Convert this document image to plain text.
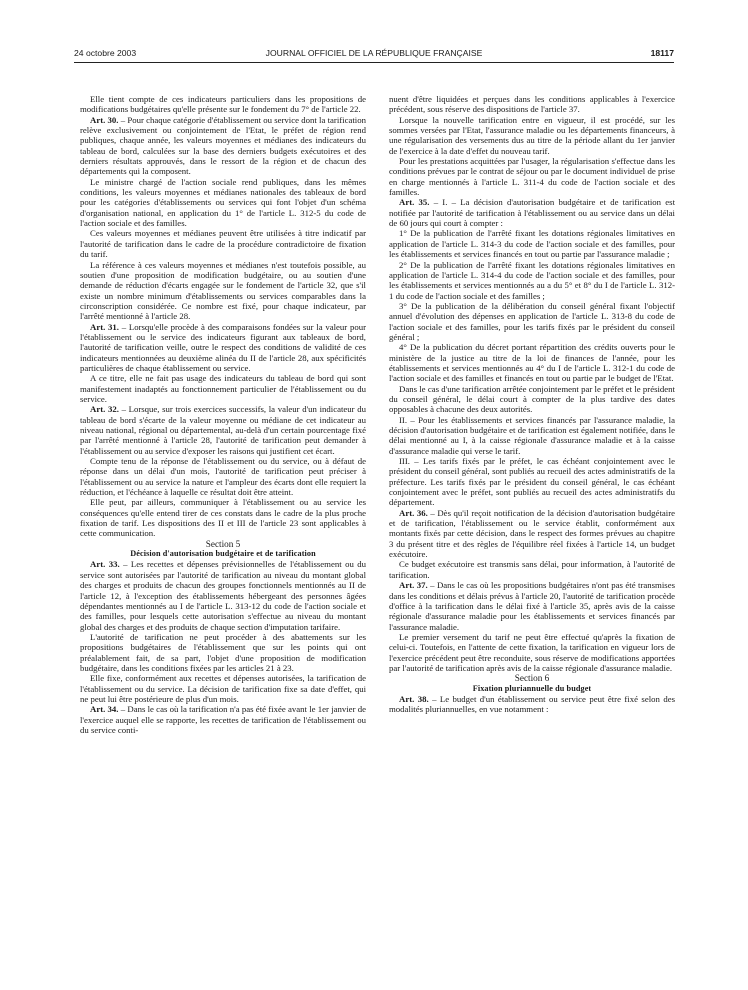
24 octobre 2003	JOURNAL OFFICIEL DE LA RÉPUBLIQUE FRANÇAISE	18117

Elle tient compte de ces indicateurs particuliers dans les propositions de modifications budgétaires qu'elle présente sur le fondement du 7° de l'article 22.

Art. 30. – Pour chaque catégorie d'établissement ou service dont la tarification relève exclusivement ou conjointement de l'Etat, le préfet de région rend publiques, chaque année, les valeurs moyennes et médianes des indicateurs du tableau de bord, calculées sur la base des derniers budgets exécutoires et des derniers résultats approuvés, dans le ressort de la région et de chacun des départements qui la composent.

Le ministre chargé de l'action sociale rend publiques, dans les mêmes conditions, les valeurs moyennes et médianes nationales des tableaux de bord pour les catégories d'établissements ou services qui font l'objet d'un schéma d'organisation national, en application du 1° de l'article L. 312-5 du code de l'action sociale et des familles.

Ces valeurs moyennes et médianes peuvent être utilisées à titre indicatif par l'autorité de tarification dans le cadre de la procédure contradictoire de fixation du tarif.

La référence à ces valeurs moyennes et médianes n'est toutefois possible, au soutien d'une proposition de modification budgétaire, ou au soutien d'une demande de réduction d'écarts engagée sur le fondement de l'article 32, que s'il existe un nombre minimum d'établissements ou services comparables dans la circonscription considérée. Ce nombre est fixé, pour chaque indicateur, par l'arrêté mentionné à l'article 28.

Art. 31. – Lorsqu'elle procède à des comparaisons fondées sur la valeur pour l'établissement ou le service des indicateurs figurant aux tableaux de bord, l'autorité de tarification veille, outre le respect des conditions de validité de ces indicateurs mentionnées au deuxième alinéa du II de l'article 28, aux spécificités particulières de chaque établissement ou service.

A ce titre, elle ne fait pas usage des indicateurs du tableau de bord qui sont manifestement inadaptés au fonctionnement particulier de l'établissement ou du service.

Art. 32. – Lorsque, sur trois exercices successifs, la valeur d'un indicateur du tableau de bord s'écarte de la valeur moyenne ou médiane de cet indicateur au niveau national, régional ou départemental, au-delà d'un certain pourcentage fixé par l'arrêté mentionné à l'article 28, l'autorité de tarification peut demander à l'établissement ou au service d'exposer les raisons qui justifient cet écart.

Compte tenu de la réponse de l'établissement ou du service, ou à défaut de réponse dans un délai d'un mois, l'autorité de tarification peut préciser à l'établissement ou au service la nature et l'ampleur des écarts dont elle requiert la réduction, et l'échéance à laquelle ce résultat doit être atteint.

Elle peut, par ailleurs, communiquer à l'établissement ou au service les conséquences qu'elle entend tirer de ces constats dans le cadre de la plus proche fixation de tarif. Les dispositions des II et III de l'article 23 sont applicables à cette communication.

Section 5

Décision d'autorisation budgétaire et de tarification

Art. 33. – Les recettes et dépenses prévisionnelles de l'établissement ou du service sont autorisées par l'autorité de tarification au niveau du montant global des charges et produits de chacun des groupes fonctionnels mentionnés au II de l'article 12, à l'exception des établissements hébergeant des personnes âgées dépendantes mentionnés au I de l'article L. 313-12 du code de l'action sociale et des familles, pour lesquels cette autorisation s'effectue au niveau du montant global des charges et des produits de chaque section d'imputation tarifaire.

L'autorité de tarification ne peut procéder à des abattements sur les propositions budgétaires de l'établissement que sur les points qui ont préalablement fait, de sa part, l'objet d'une proposition de modification budgétaire, dans les conditions fixées par les articles 21 à 23.

Elle fixe, conformément aux recettes et dépenses autorisées, la tarification de l'établissement ou du service. La décision de tarification fixe sa date d'effet, qui ne peut lui être postérieure de plus d'un mois.

Art. 34. – Dans le cas où la tarification n'a pas été fixée avant le 1er janvier de l'exercice auquel elle se rapporte, les recettes de tarification de l'établissement ou du service conti-

nuent d'être liquidées et perçues dans les conditions applicables à l'exercice précédent, sous réserve des dispositions de l'article 37.

Lorsque la nouvelle tarification entre en vigueur, il est procédé, sur les sommes versées par l'Etat, l'assurance maladie ou les départements financeurs, à une régularisation des versements dus au titre de la période allant du 1er janvier de l'exercice à la date d'effet du nouveau tarif.

Pour les prestations acquittées par l'usager, la régularisation s'effectue dans les conditions prévues par le contrat de séjour ou par le document individuel de prise en charge mentionnés à l'article L. 311-4 du code de l'action sociale et des familles.

Art. 35. – I. – La décision d'autorisation budgétaire et de tarification est notifiée par l'autorité de tarification à l'établissement ou au service dans un délai de 60 jours qui court à compter :

1° De la publication de l'arrêté fixant les dotations régionales limitatives en application de l'article L. 314-3 du code de l'action sociale et des familles, pour les établissements et services financés en tout ou partie par l'assurance maladie ;

2° De la publication de l'arrêté fixant les dotations régionales limitatives en application de l'article L. 314-4 du code de l'action sociale et des familles, pour les établissements et services mentionnés au a du 5° et 8° du I de l'article L. 312-1 du code de l'action sociale et des familles ;

3° De la publication de la délibération du conseil général fixant l'objectif annuel d'évolution des dépenses en application de l'article L. 313-8 du code de l'action sociale et des familles, pour les tarifs fixés par le président du conseil général ;

4° De la publication du décret portant répartition des crédits ouverts pour le ministère de la justice au titre de la loi de finances de l'année, pour les établissements et services mentionnés au 4° du I de l'article L. 312-1 du code de l'action sociale et des familles et financés en tout ou partie par le budget de l'Etat.

Dans le cas d'une tarification arrêtée conjointement par le préfet et le président du conseil général, le délai court à compter de la plus tardive des dates opposables à chacune des deux autorités.

II. – Pour les établissements et services financés par l'assurance maladie, la décision d'autorisation budgétaire et de tarification est également notifiée, dans le délai mentionné au I, à la caisse régionale d'assurance maladie et à la caisse d'assurance maladie qui verse le tarif.

III. – Les tarifs fixés par le préfet, le cas échéant conjointement avec le président du conseil général, sont publiés au recueil des actes administratifs de la préfecture. Les tarifs fixés par le président du conseil général, le cas échéant conjointement avec le préfet, sont publiés au recueil des actes administratifs du département.

Art. 36. – Dès qu'il reçoit notification de la décision d'autorisation budgétaire et de tarification, l'établissement ou le service établit, conformément aux montants fixés par cette décision, dans le respect des formes prévues au chapitre 3 du présent titre et des règles de l'équilibre réel fixées à l'article 14, un budget exécutoire.

Ce budget exécutoire est transmis sans délai, pour information, à l'autorité de tarification.

Art. 37. – Dans le cas où les propositions budgétaires n'ont pas été transmises dans les conditions et délais prévus à l'article 20, l'autorité de tarification procède d'office à la tarification dans le délai fixé à l'article 35, après avis de la caisse régionale d'assurance maladie pour les établissements et services financés par l'assurance maladie.

Le premier versement du tarif ne peut être effectué qu'après la fixation de celui-ci. Toutefois, en l'attente de cette fixation, la tarification en vigueur lors de l'exercice précédent peut être reconduite, sous réserve de modifications apportées par l'autorité de tarification après avis de la caisse régionale d'assurance maladie.

Section 6

Fixation pluriannuelle du budget

Art. 38. – Le budget d'un établissement ou service peut être fixé selon des modalités pluriannuelles, en vue notamment :
